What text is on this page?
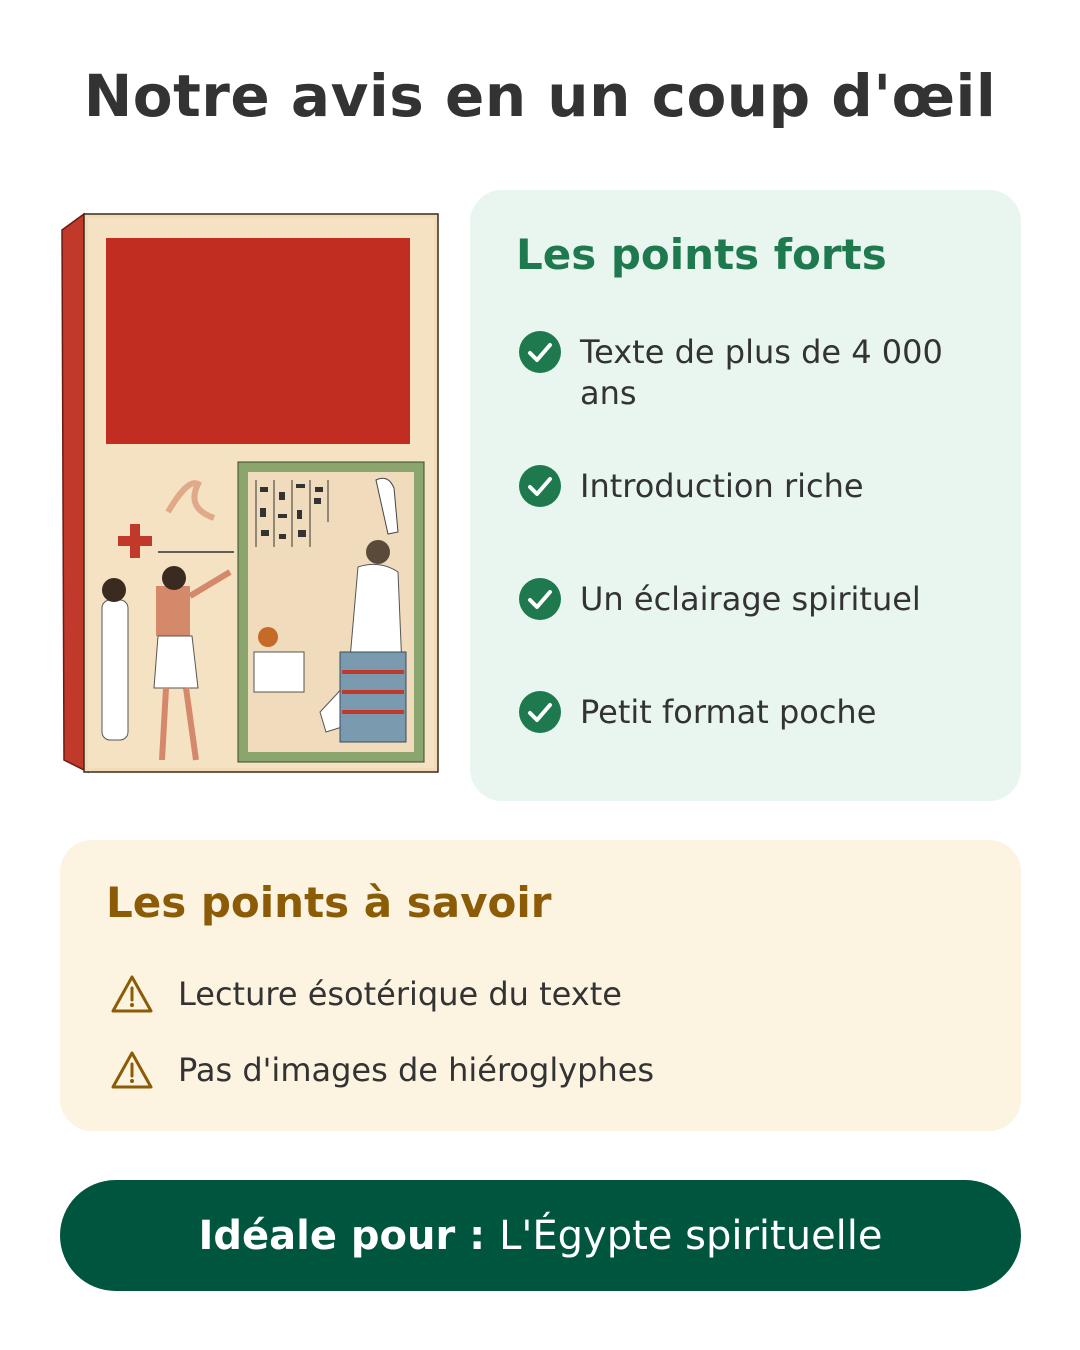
Notre avis en un coup d'œil
Les points forts
Texte de plus de 4 000 ans
Introduction riche
Un éclairage spirituel
Petit format poche
Les points à savoir
Lecture ésotérique du texte
Pas d'images de hiéroglyphes
Idéale pour : L'Égypte spirituelle
